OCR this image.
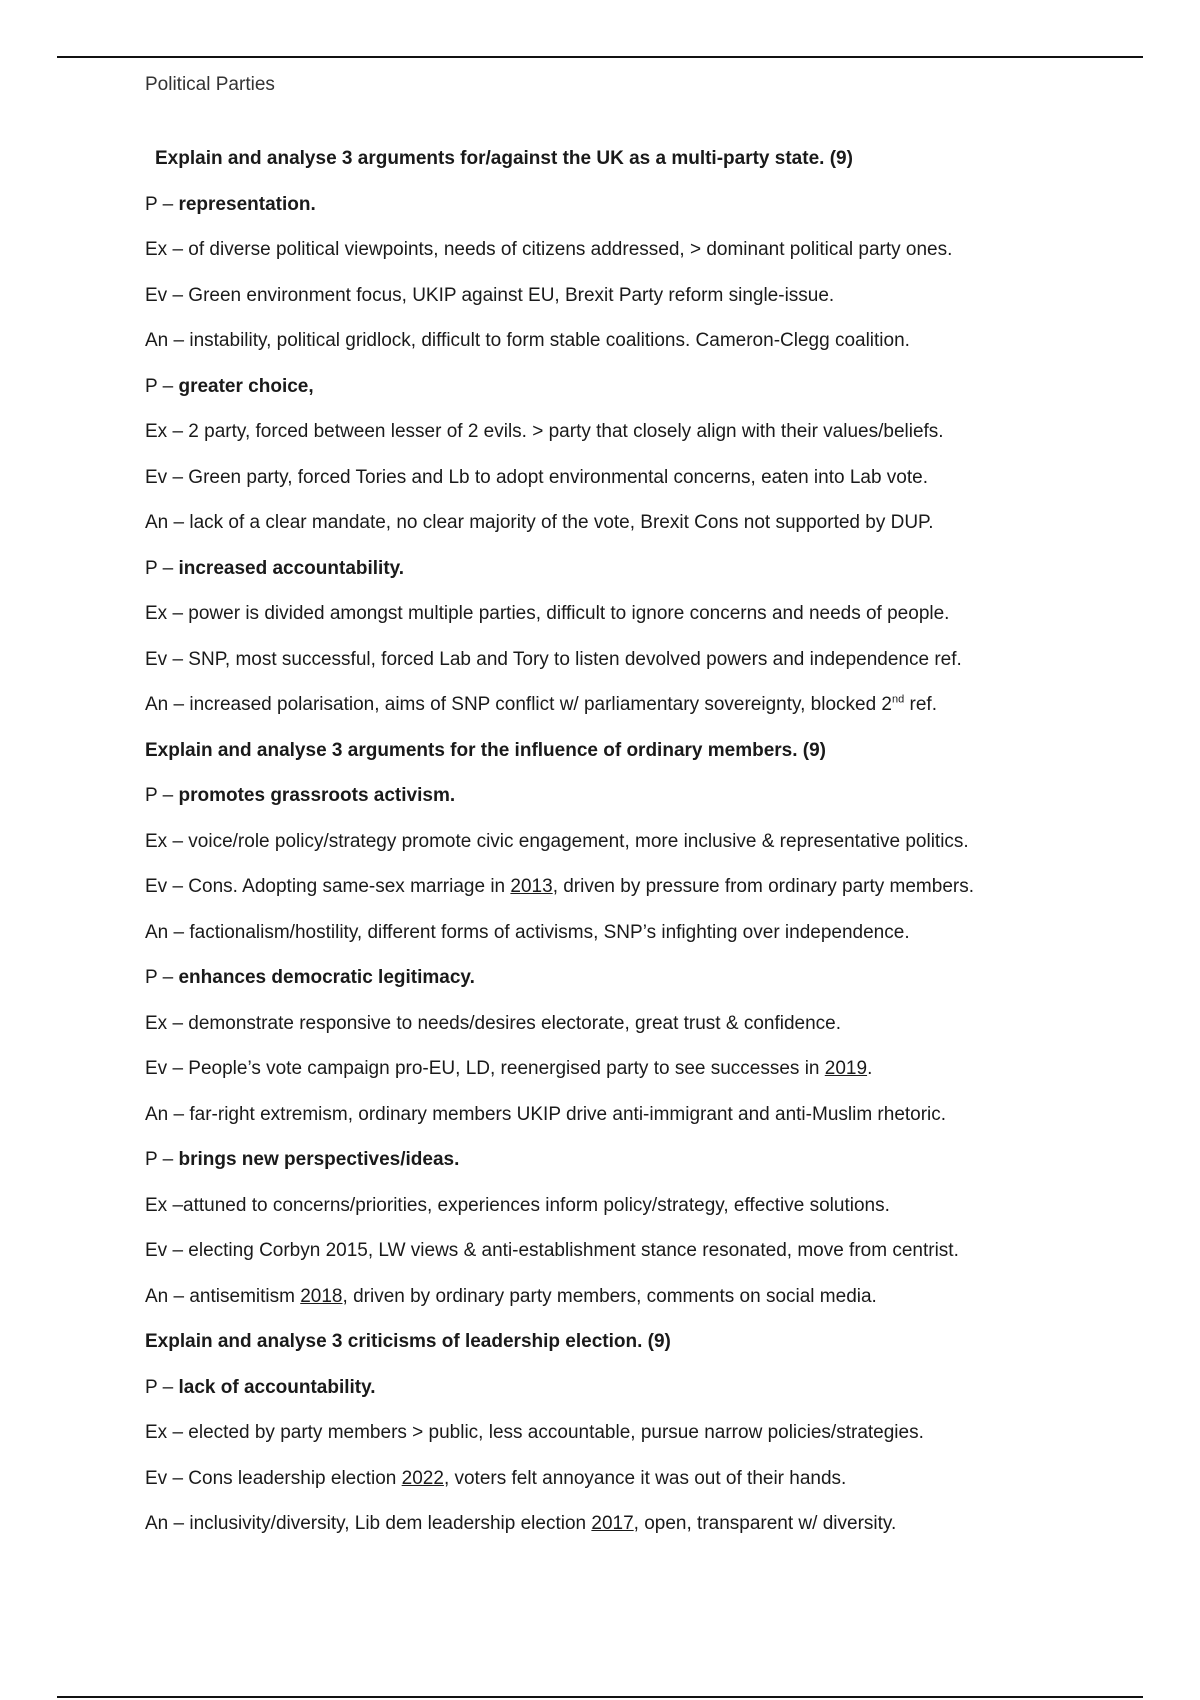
Political Parties
Explain and analyse 3 arguments for/against the UK as a multi-party state. (9)
P – representation.
Ex – of diverse political viewpoints, needs of citizens addressed, > dominant political party ones.
Ev – Green environment focus, UKIP against EU, Brexit Party reform single-issue.
An – instability, political gridlock, difficult to form stable coalitions. Cameron-Clegg coalition.
P – greater choice,
Ex – 2 party, forced between lesser of 2 evils. > party that closely align with their values/beliefs.
Ev – Green party, forced Tories and Lb to adopt environmental concerns, eaten into Lab vote.
An – lack of a clear mandate, no clear majority of the vote, Brexit Cons not supported by DUP.
P – increased accountability.
Ex – power is divided amongst multiple parties, difficult to ignore concerns and needs of people.
Ev – SNP, most successful, forced Lab and Tory to listen devolved powers and independence ref.
An – increased polarisation, aims of SNP conflict w/ parliamentary sovereignty, blocked 2nd ref.
Explain and analyse 3 arguments for the influence of ordinary members. (9)
P – promotes grassroots activism.
Ex – voice/role policy/strategy promote civic engagement, more inclusive & representative politics.
Ev – Cons. Adopting same-sex marriage in 2013, driven by pressure from ordinary party members.
An – factionalism/hostility, different forms of activisms, SNP’s infighting over independence.
P – enhances democratic legitimacy.
Ex – demonstrate responsive to needs/desires electorate, great trust & confidence.
Ev – People’s vote campaign pro-EU, LD, reenergised party to see successes in 2019.
An – far-right extremism, ordinary members UKIP drive anti-immigrant and anti-Muslim rhetoric.
P – brings new perspectives/ideas.
Ex –attuned to concerns/priorities, experiences inform policy/strategy, effective solutions.
Ev – electing Corbyn 2015, LW views & anti-establishment stance resonated, move from centrist.
An – antisemitism 2018, driven by ordinary party members, comments on social media.
Explain and analyse 3 criticisms of leadership election. (9)
P – lack of accountability.
Ex – elected by party members > public, less accountable, pursue narrow policies/strategies.
Ev – Cons leadership election 2022, voters felt annoyance it was out of their hands.
An – inclusivity/diversity, Lib dem leadership election 2017, open, transparent w/ diversity.
